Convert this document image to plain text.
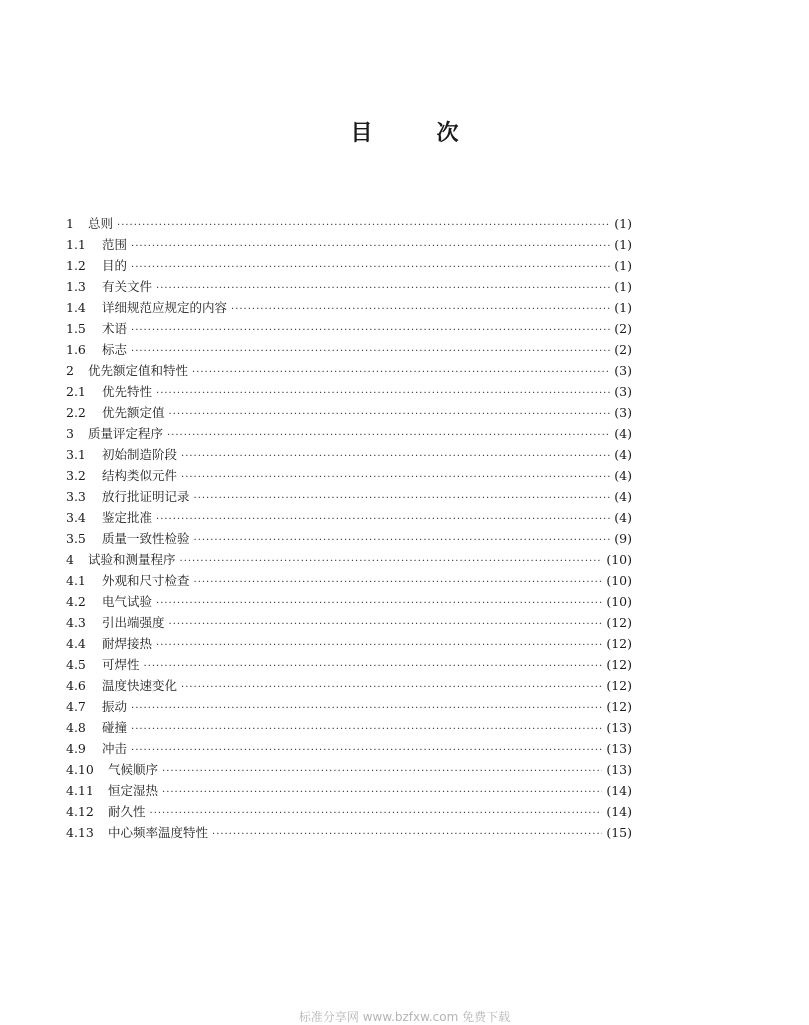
目	次
1	总则 ·····	(1)
1.1	范围 ·····	(1)
1.2	目的 ·····	(1)
1.3	有关文件 ·····	(1)
1.4	详细规范应规定的内容 ·····	(1)
1.5	术语 ·····	(2)
1.6	标志 ·····	(2)
2	优先额定值和特性 ·····	(3)
2.1	优先特性 ·····	(3)
2.2	优先额定值 ·····	(3)
3	质量评定程序 ·····	(4)
3.1	初始制造阶段 ·····	(4)
3.2	结构类似元件 ·····	(4)
3.3	放行批证明记录 ·····	(4)
3.4	鉴定批准 ·····	(4)
3.5	质量一致性检验 ·····	(9)
4	试验和测量程序 ·····	(10)
4.1	外观和尺寸检查 ·····	(10)
4.2	电气试验 ·····	(10)
4.3	引出端强度 ·····	(12)
4.4	耐焊接热 ·····	(12)
4.5	可焊性 ·····	(12)
4.6	温度快速变化 ·····	(12)
4.7	振动 ·····	(12)
4.8	碰撞 ·····	(13)
4.9	冲击 ·····	(13)
4.10	气候顺序 ·····	(13)
4.11	恒定湿热 ·····	(14)
4.12	耐久性 ·····	(14)
4.13	中心频率温度特性 ·····	(15)
标准分享网 www.bzfxw.com 免费下载
